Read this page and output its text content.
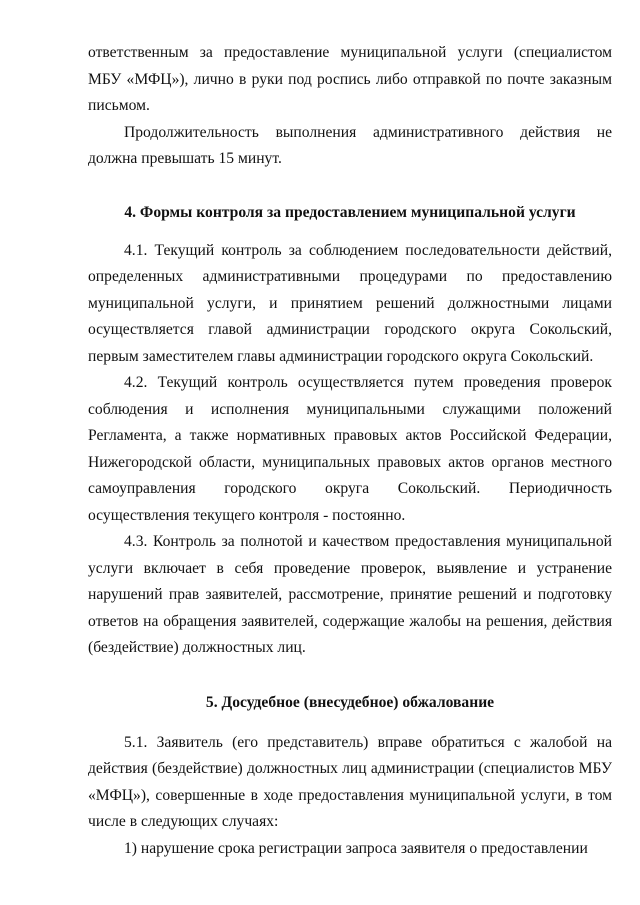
ответственным за предоставление муниципальной услуги (специалистом МБУ «МФЦ»), лично в руки под роспись либо отправкой по почте заказным письмом.

Продолжительность выполнения административного действия не должна превышать 15 минут.

4. Формы контроля за предоставлением муниципальной услуги

4.1. Текущий контроль за соблюдением последовательности действий, определенных административными процедурами по предоставлению муниципальной услуги, и принятием решений должностными лицами осуществляется главой администрации городского округа Сокольский, первым заместителем главы администрации городского округа Сокольский.

4.2. Текущий контроль осуществляется путем проведения проверок соблюдения и исполнения муниципальными служащими положений Регламента, а также нормативных правовых актов Российской Федерации, Нижегородской области, муниципальных правовых актов органов местного самоуправления городского округа Сокольский. Периодичность осуществления текущего контроля - постоянно.

4.3. Контроль за полнотой и качеством предоставления муниципальной услуги включает в себя проведение проверок, выявление и устранение нарушений прав заявителей, рассмотрение, принятие решений и подготовку ответов на обращения заявителей, содержащие жалобы на решения, действия (бездействие) должностных лиц.

5. Досудебное (внесудебное) обжалование

5.1. Заявитель (его представитель) вправе обратиться с жалобой на действия (бездействие) должностных лиц администрации (специалистов МБУ «МФЦ»), совершенные в ходе предоставления муниципальной услуги, в том числе в следующих случаях:

1) нарушение срока регистрации запроса заявителя о предоставлении
